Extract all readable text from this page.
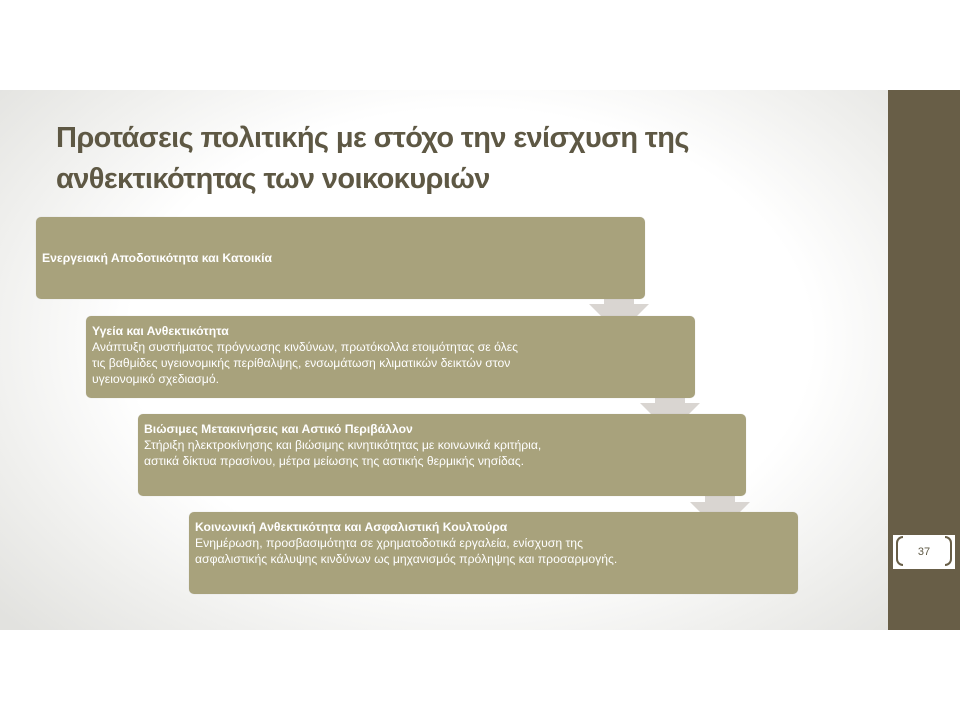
Προτάσεις πολιτικής με στόχο την ενίσχυση της
ανθεκτικότητας των νοικοκυριών
Ενεργειακή Αποδοτικότητα και Κατοικία
Υγεία και Ανθεκτικότητα
Ανάπτυξη συστήματος πρόγνωσης κινδύνων, πρωτόκολλα ετοιμότητας σε όλες
τις βαθμίδες υγειονομικής περίθαλψης, ενσωμάτωση κλιματικών δεικτών στον
υγειονομικό σχεδιασμό.
Βιώσιμες Μετακινήσεις και Αστικό Περιβάλλον
Στήριξη ηλεκτροκίνησης και βιώσιμης κινητικότητας με κοινωνικά κριτήρια,
αστικά δίκτυα πρασίνου, μέτρα μείωσης της αστικής θερμικής νησίδας.
Κοινωνική Ανθεκτικότητα και Ασφαλιστική Κουλτούρα
Ενημέρωση, προσβασιμότητα σε χρηματοδοτικά εργαλεία, ενίσχυση της
ασφαλιστικής κάλυψης κινδύνων ως μηχανισμός πρόληψης και προσαρμογής.	37
